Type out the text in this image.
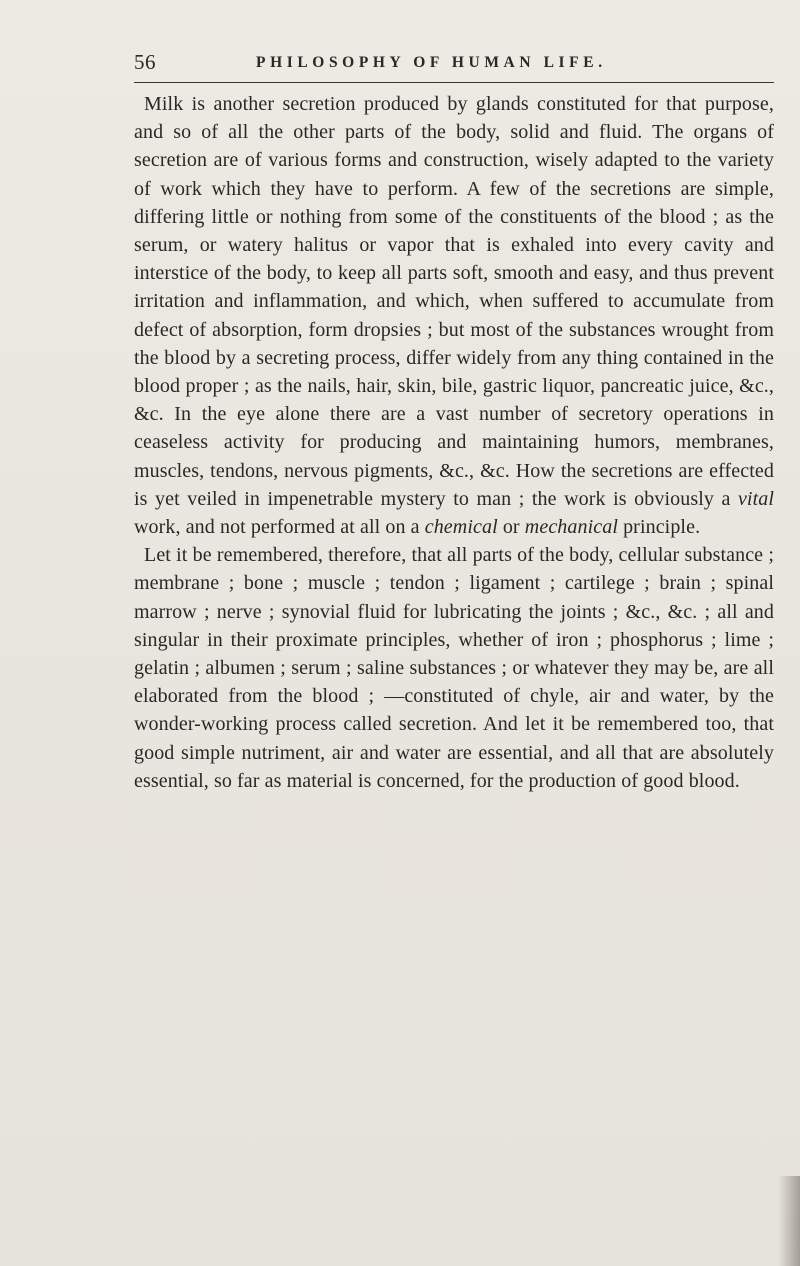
56	PHILOSOPHY OF HUMAN LIFE.

Milk is another secretion produced by glands constituted for that purpose, and so of all the other parts of the body, solid and fluid. The organs of secretion are of various forms and construction, wisely adapted to the variety of work which they have to perform. A few of the secretions are simple, differing little or nothing from some of the constituents of the blood ; as the serum, or watery halitus or vapor that is exhaled into every cavity and interstice of the body, to keep all parts soft, smooth and easy, and thus prevent irritation and inflammation, and which, when suffered to accumulate from defect of absorption, form dropsies ; but most of the substances wrought from the blood by a secreting process, differ widely from any thing contained in the blood proper ; as the nails, hair, skin, bile, gastric liquor, pancreatic juice, &c., &c. In the eye alone there are a vast number of secretory operations in ceaseless activity for producing and maintaining humors, membranes, muscles, tendons, nervous pigments, &c., &c. How the secretions are effected is yet veiled in impenetrable mystery to man ; the work is obviously a vital work, and not performed at all on a chemical or mechanical principle.

Let it be remembered, therefore, that all parts of the body, cellular substance ; membrane ; bone ; muscle ; tendon ; ligament ; cartilege ; brain ; spinal marrow ; nerve ; synovial fluid for lubricating the joints ; &c., &c. ; all and singular in their proximate principles, whether of iron ; phosphorus ; lime ; gelatin ; albumen ; serum ; saline substances ; or whatever they may be, are all elaborated from the blood ; —constituted of chyle, air and water, by the wonder-working process called secretion. And let it be remembered too, that good simple nutriment, air and water are essential, and all that are absolutely essential, so far as material is concerned, for the production of good blood.
